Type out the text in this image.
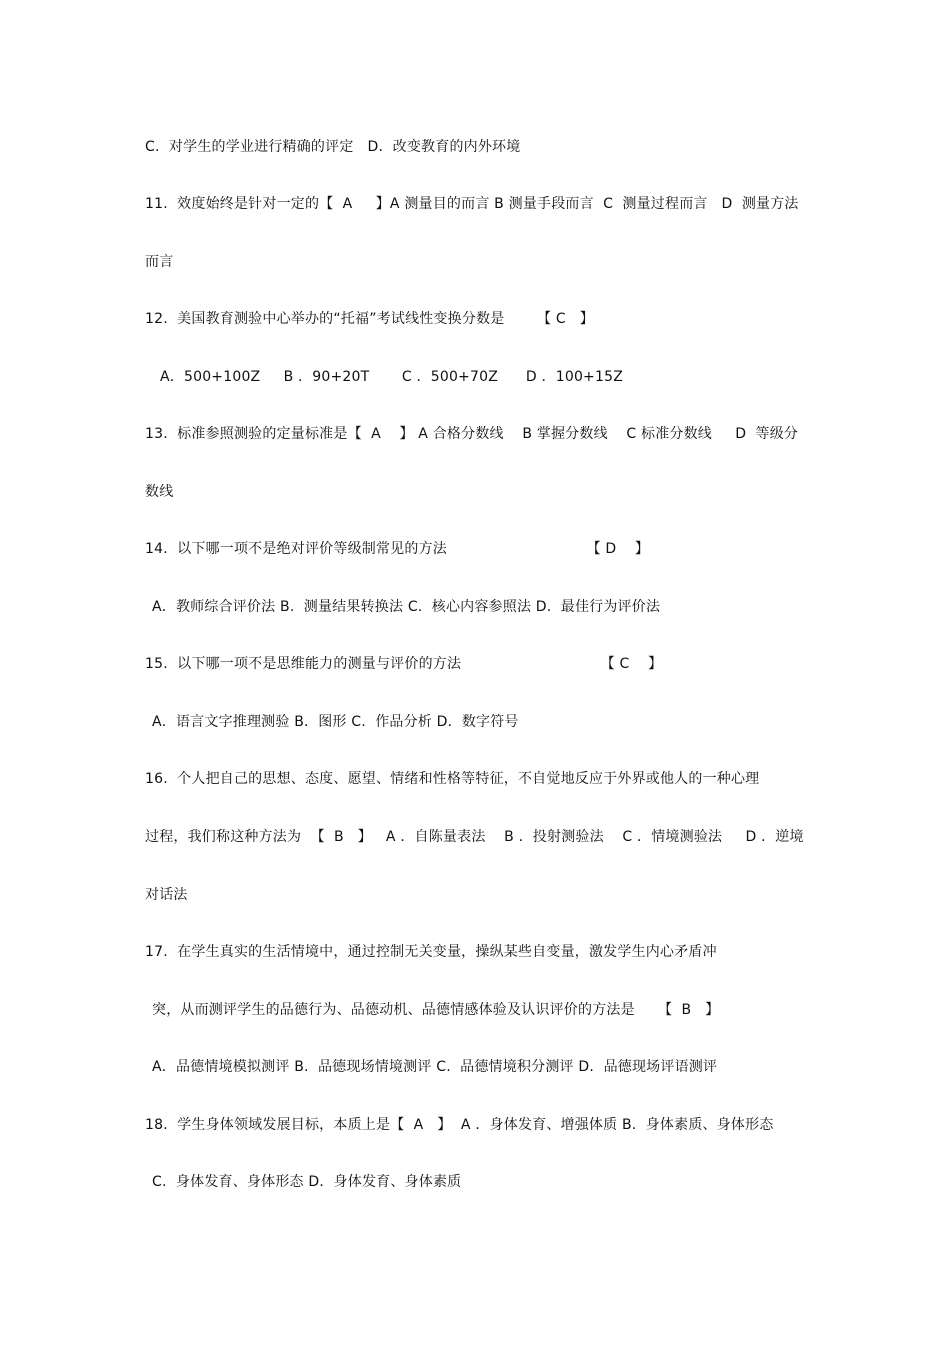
C.  对学生的学业进行精确的评定   D．改变教育的内外环境
11.  效度始终是针对一定的【  A     】A 测量目的而言 B 测量手段而言  C  测量过程而言   D  测量方法
而言
12.  美国教育测验中心举办的“托福”考试线性变换分数是       【 C   】
A．500+100Z     B ．90+20T       C ．500+70Z      D ．100+15Z
13.  标准参照测验的定量标准是【  A    】 A 合格分数线    B 掌握分数线    C 标准分数线     D  等级分
数线
14.  以下哪一项不是绝对评价等级制常见的方法                              【 D    】
A．教师综合评价法 B.  测量结果转换法 C.  核心内容参照法 D.  最佳行为评价法
15.  以下哪一项不是思维能力的测量与评价的方法                              【 C    】
A．语言文字推理测验 B．图形 C.  作品分析 D．数字符号
16.  个人把自己的思想、态度、愿望、情绪和性格等特征，不自觉地反应于外界或他人的一种心理
过程，我们称这种方法为  【  B   】   A ．自陈量表法    B ．投射测验法    C ．情境测验法     D ．逆境
对话法
17.  在学生真实的生活情境中，通过控制无关变量，操纵某些自变量，激发学生内心矛盾冲
突，从而测评学生的品德行为、品德动机、品德情感体验及认识评价的方法是     【  B   】
A．品德情境模拟测评 B.  品德现场情境测评 C.  品德情境积分测评 D．品德现场评语测评
18.  学生身体领域发展目标，本质上是【  A   】  A ．身体发育、增强体质 B.  身体素质、身体形态
C.  身体发育、身体形态 D．身体发育、身体素质
